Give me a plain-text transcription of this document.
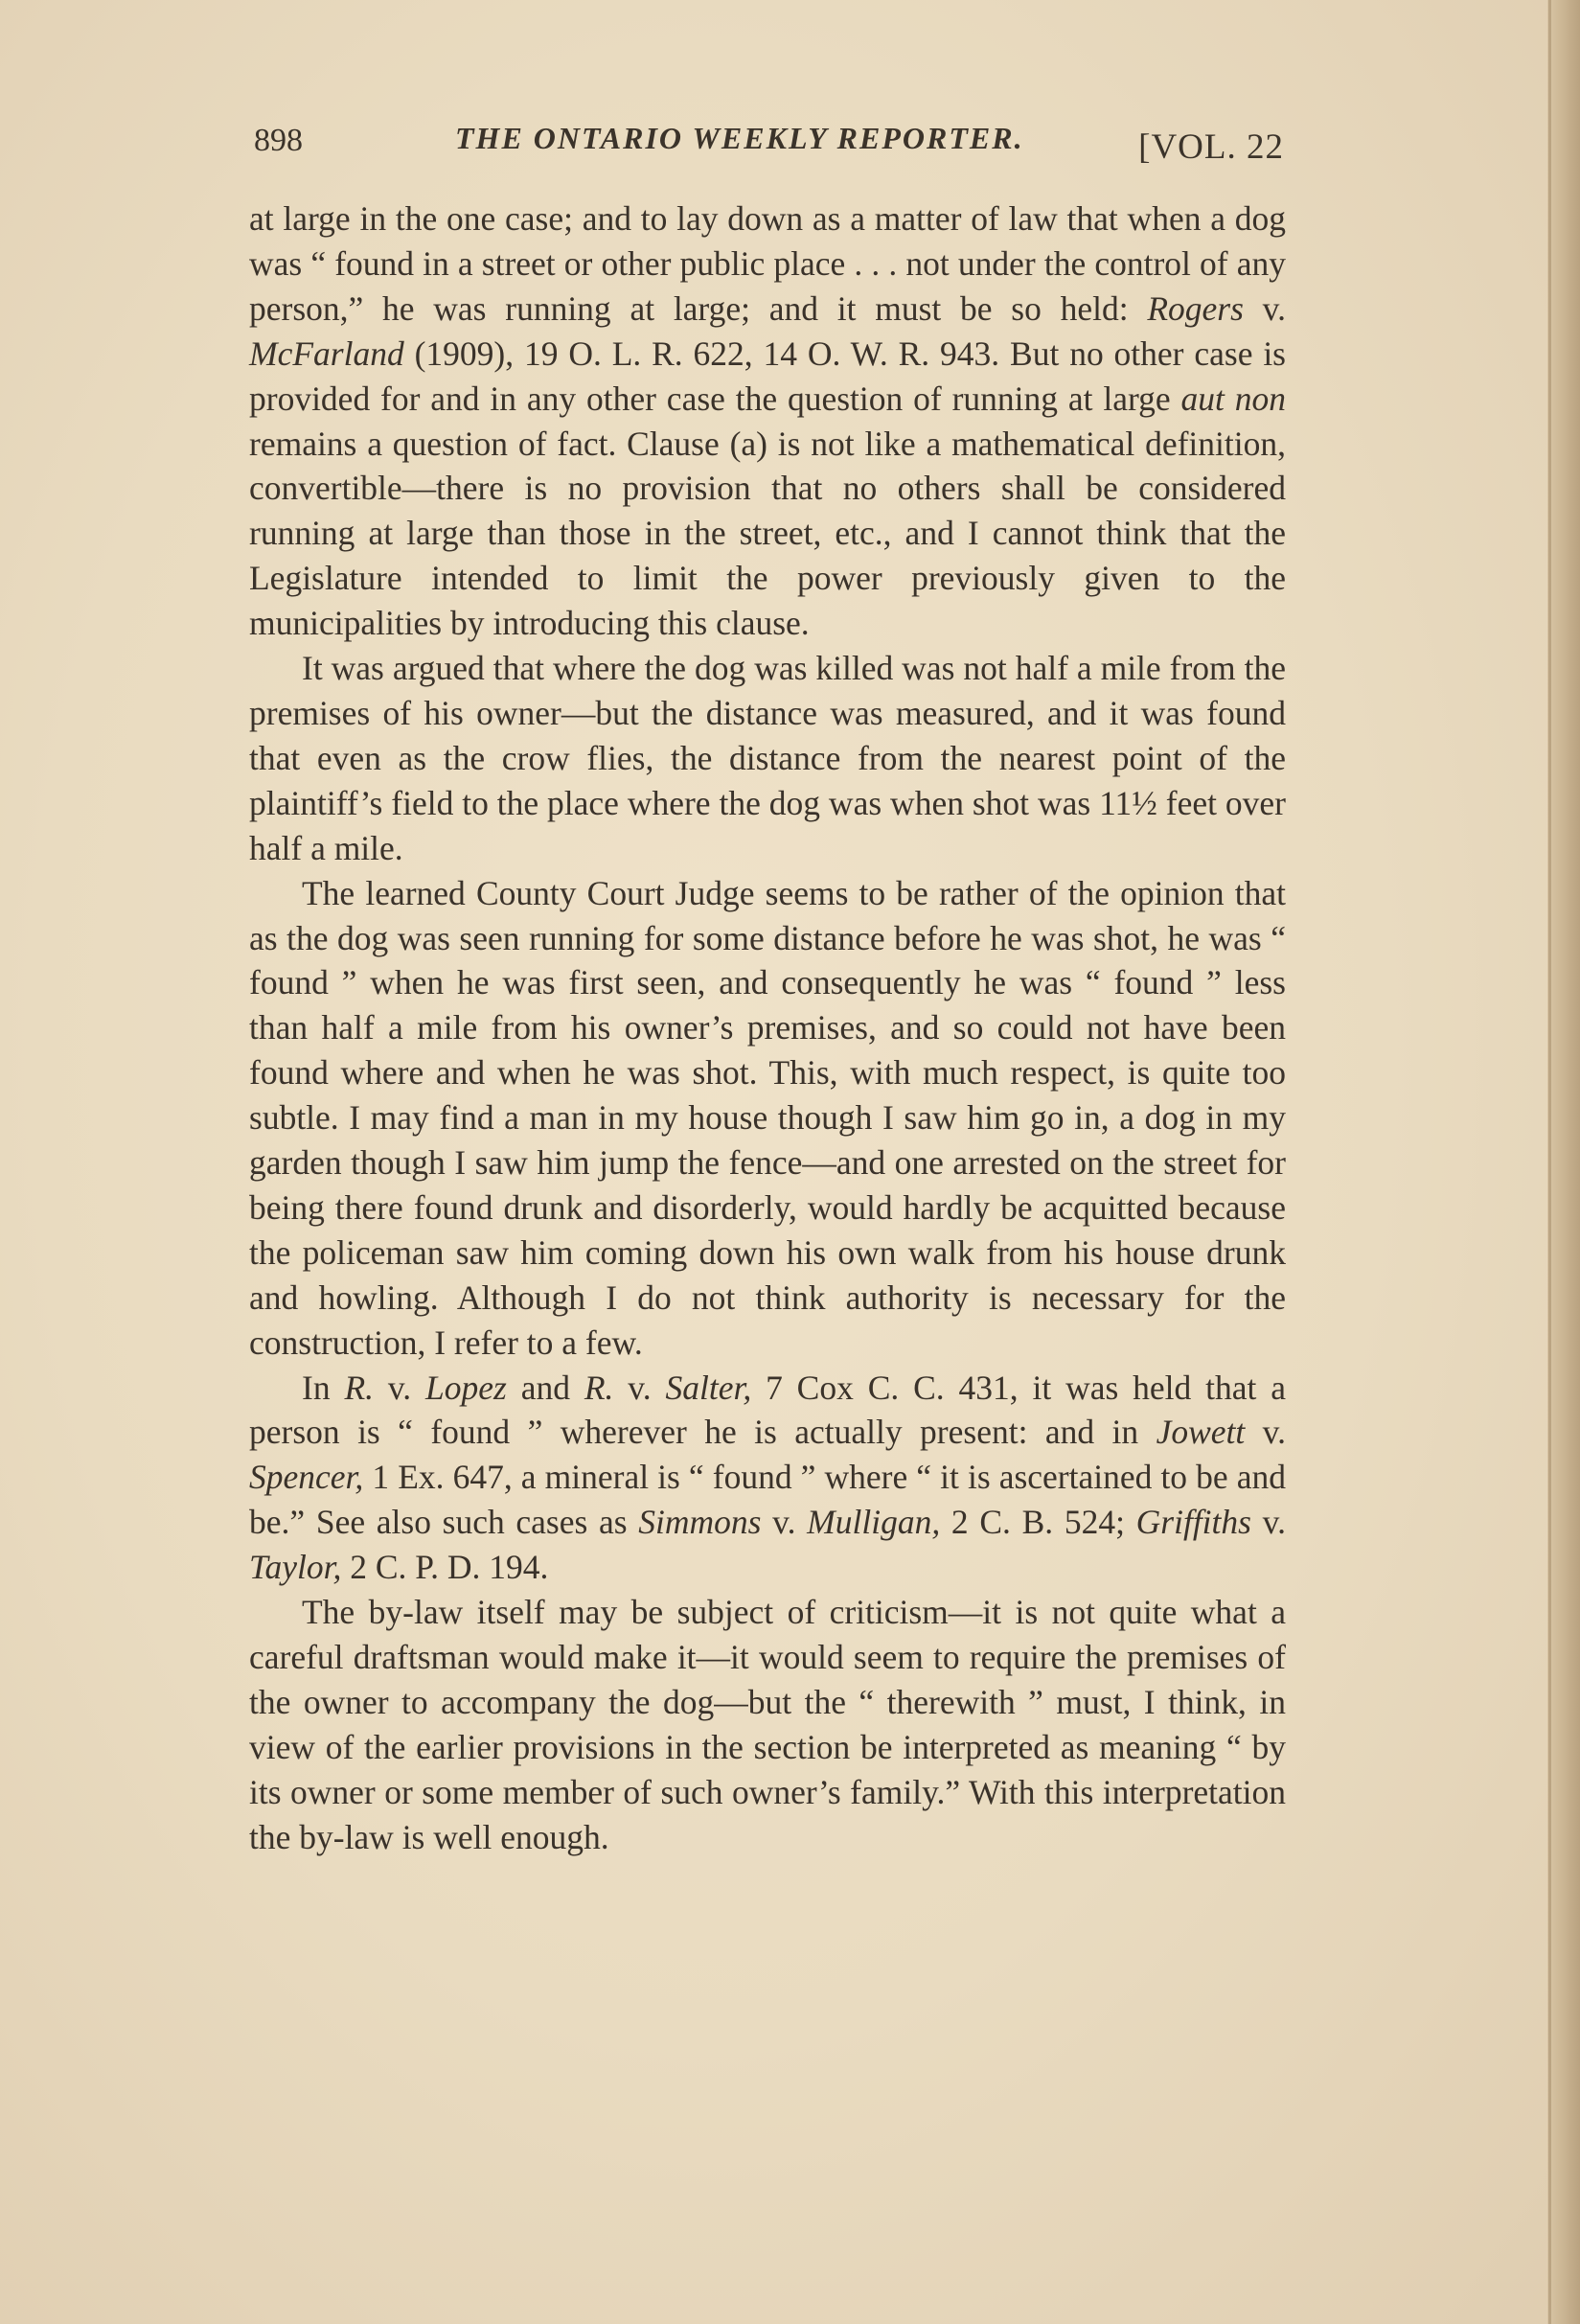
898	THE ONTARIO WEEKLY REPORTER.	[VOL. 22

at large in the one case; and to lay down as a matter of law that when a dog was “ found in a street or other public place . . . not under the control of any person,” he was running at large; and it must be so held: Rogers v. McFarland (1909), 19 O. L. R. 622, 14 O. W. R. 943. But no other case is provided for and in any other case the question of running at large aut non remains a question of fact. Clause (a) is not like a mathematical definition, convertible—there is no provision that no others shall be considered running at large than those in the street, etc., and I cannot think that the Legislature intended to limit the power previously given to the municipalities by introducing this clause.

It was argued that where the dog was killed was not half a mile from the premises of his owner—but the distance was measured, and it was found that even as the crow flies, the distance from the nearest point of the plaintiff’s field to the place where the dog was when shot was 11½ feet over half a mile.

The learned County Court Judge seems to be rather of the opinion that as the dog was seen running for some distance before he was shot, he was “ found ” when he was first seen, and consequently he was “ found ” less than half a mile from his owner’s premises, and so could not have been found where and when he was shot. This, with much respect, is quite too subtle. I may find a man in my house though I saw him go in, a dog in my garden though I saw him jump the fence—and one arrested on the street for being there found drunk and disorderly, would hardly be acquitted because the policeman saw him coming down his own walk from his house drunk and howling. Although I do not think authority is necessary for the construction, I refer to a few.

In R. v. Lopez and R. v. Salter, 7 Cox C. C. 431, it was held that a person is “ found ” wherever he is actually present: and in Jowett v. Spencer, 1 Ex. 647, a mineral is “ found ” where “ it is ascertained to be and be.” See also such cases as Simmons v. Mulligan, 2 C. B. 524; Griffiths v. Taylor, 2 C. P. D. 194.

The by-law itself may be subject of criticism—it is not quite what a careful draftsman would make it—it would seem to require the premises of the owner to accompany the dog—but the “ therewith ” must, I think, in view of the earlier provisions in the section be interpreted as meaning “ by its owner or some member of such owner’s family.” With this interpretation the by-law is well enough.
